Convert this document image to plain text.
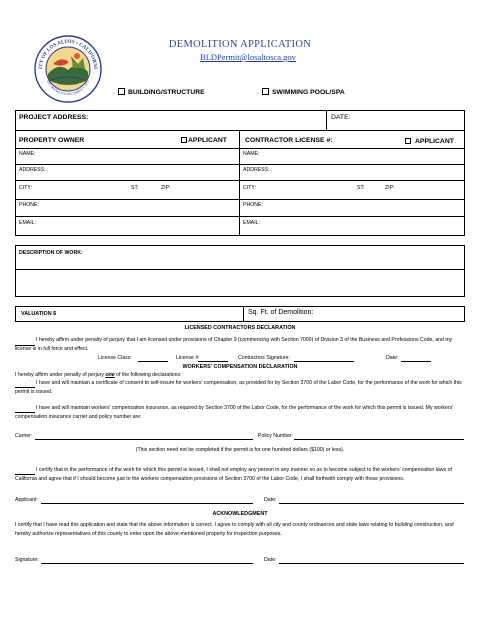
ITY OF LOS ALTOS • CALIFORNI
INCORPORATED DECEMBER 1, 1952
DEMOLITION APPLICATION
BLDPermit@losaltosca.gov
BUILDING/STRUCTURE	SWIMMING POOL/SPA
PROJECT ADDRESS:	DATE:
PROPERTY OWNER	APPLICANT	CONTRACTOR LICENSE #:	APPLICANT
NAME:
ADDRESS:
CITY:	ST:	ZIP:
PHONE:
EMAIL:
NAME:
ADDRESS:
CITY:	ST:	ZIP:
PHONE:
EMAIL:
DESCRIPTION OF WORK:
VALUATION $	Sq. Ft. of Demolition:
LICENSED CONTRACTORS DECLARATION
I hereby affirm under penalty of perjury that I am licensed under provisions of Chapter 9 (commencing with Section 7000) of Division 3 of the Business and Professions Code, and my license is in full force and effect.
License Class:	License #:	Contractors Signature:	Date:
WORKERS' COMPENSATION DECLARATION
I hereby affirm under penalty of perjury one of the following declarations:
I have and will maintain a certificate of consent to self-insure for workers' compensation, as provided for by Section 3700 of the Labor Code, for the performance of the work for which this permit is issued.
I have and will maintain workers' compensation insurance, as required by Section 3700 of the Labor Code, for the performance of the work for which this permit is issued. My workers' compensation insurance carrier and policy number are:
Carrier:	Policy Number:
(This section need not be completed if the permit is for one hundred dollars ($100) or less).
I certify that in the performance of the work for which this permit is issued, I shall not employ any person in any manner so as to become subject to the workers' compensation laws of California and agree that if I should become just to the workers compensation provisions of Section 3700 of the Labor Code, I shall forthwith comply with those provisions.
Applicant:	Date:
ACKNOWLEDGMENT
I certify that I have read this application and state that the above information is correct. I agree to comply with all city and county ordinances and state laws relating to building construction, and hereby authorize representatives of this county to enter upon the above-mentioned property for inspection purposes.
Signature:	Date:
